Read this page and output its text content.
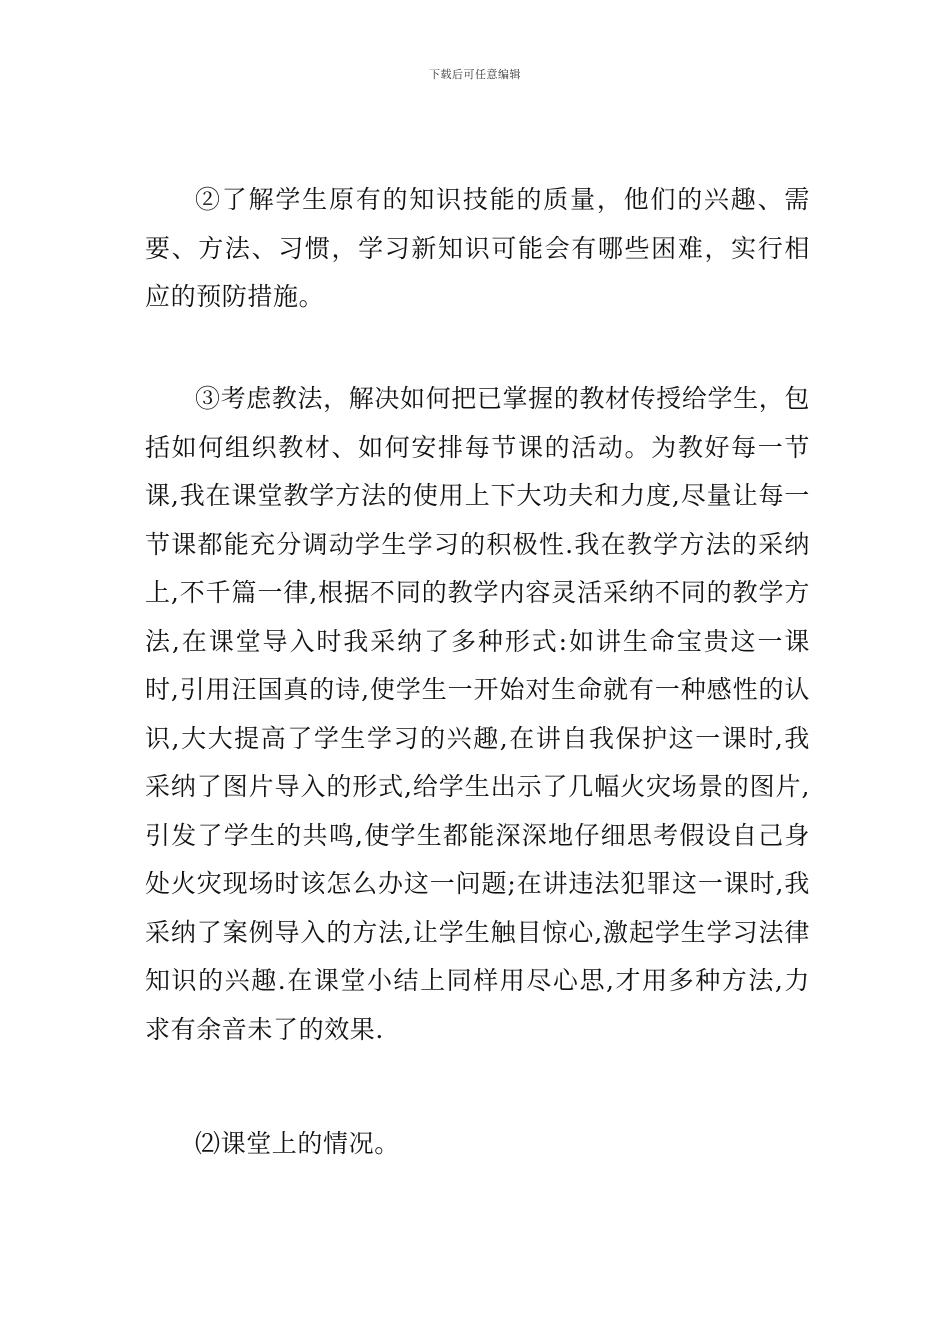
下载后可任意编辑

②了解学生原有的知识技能的质量，他们的兴趣、需要、方法、习惯，学习新知识可能会有哪些困难，实行相应的预防措施。

③考虑教法，解决如何把已掌握的教材传授给学生，包括如何组织教材、如何安排每节课的活动。为教好每一节课,我在课堂教学方法的使用上下大功夫和力度,尽量让每一节课都能充分调动学生学习的积极性.我在教学方法的采纳上,不千篇一律,根据不同的教学内容灵活采纳不同的教学方法,在课堂导入时我采纳了多种形式:如讲生命宝贵这一课时,引用汪国真的诗,使学生一开始对生命就有一种感性的认识,大大提高了学生学习的兴趣,在讲自我保护这一课时,我采纳了图片导入的形式,给学生出示了几幅火灾场景的图片,引发了学生的共鸣,使学生都能深深地仔细思考假设自己身处火灾现场时该怎么办这一问题;在讲违法犯罪这一课时,我采纳了案例导入的方法,让学生触目惊心,激起学生学习法律知识的兴趣.在课堂小结上同样用尽心思,才用多种方法,力求有余音未了的效果.

⑵课堂上的情况。
